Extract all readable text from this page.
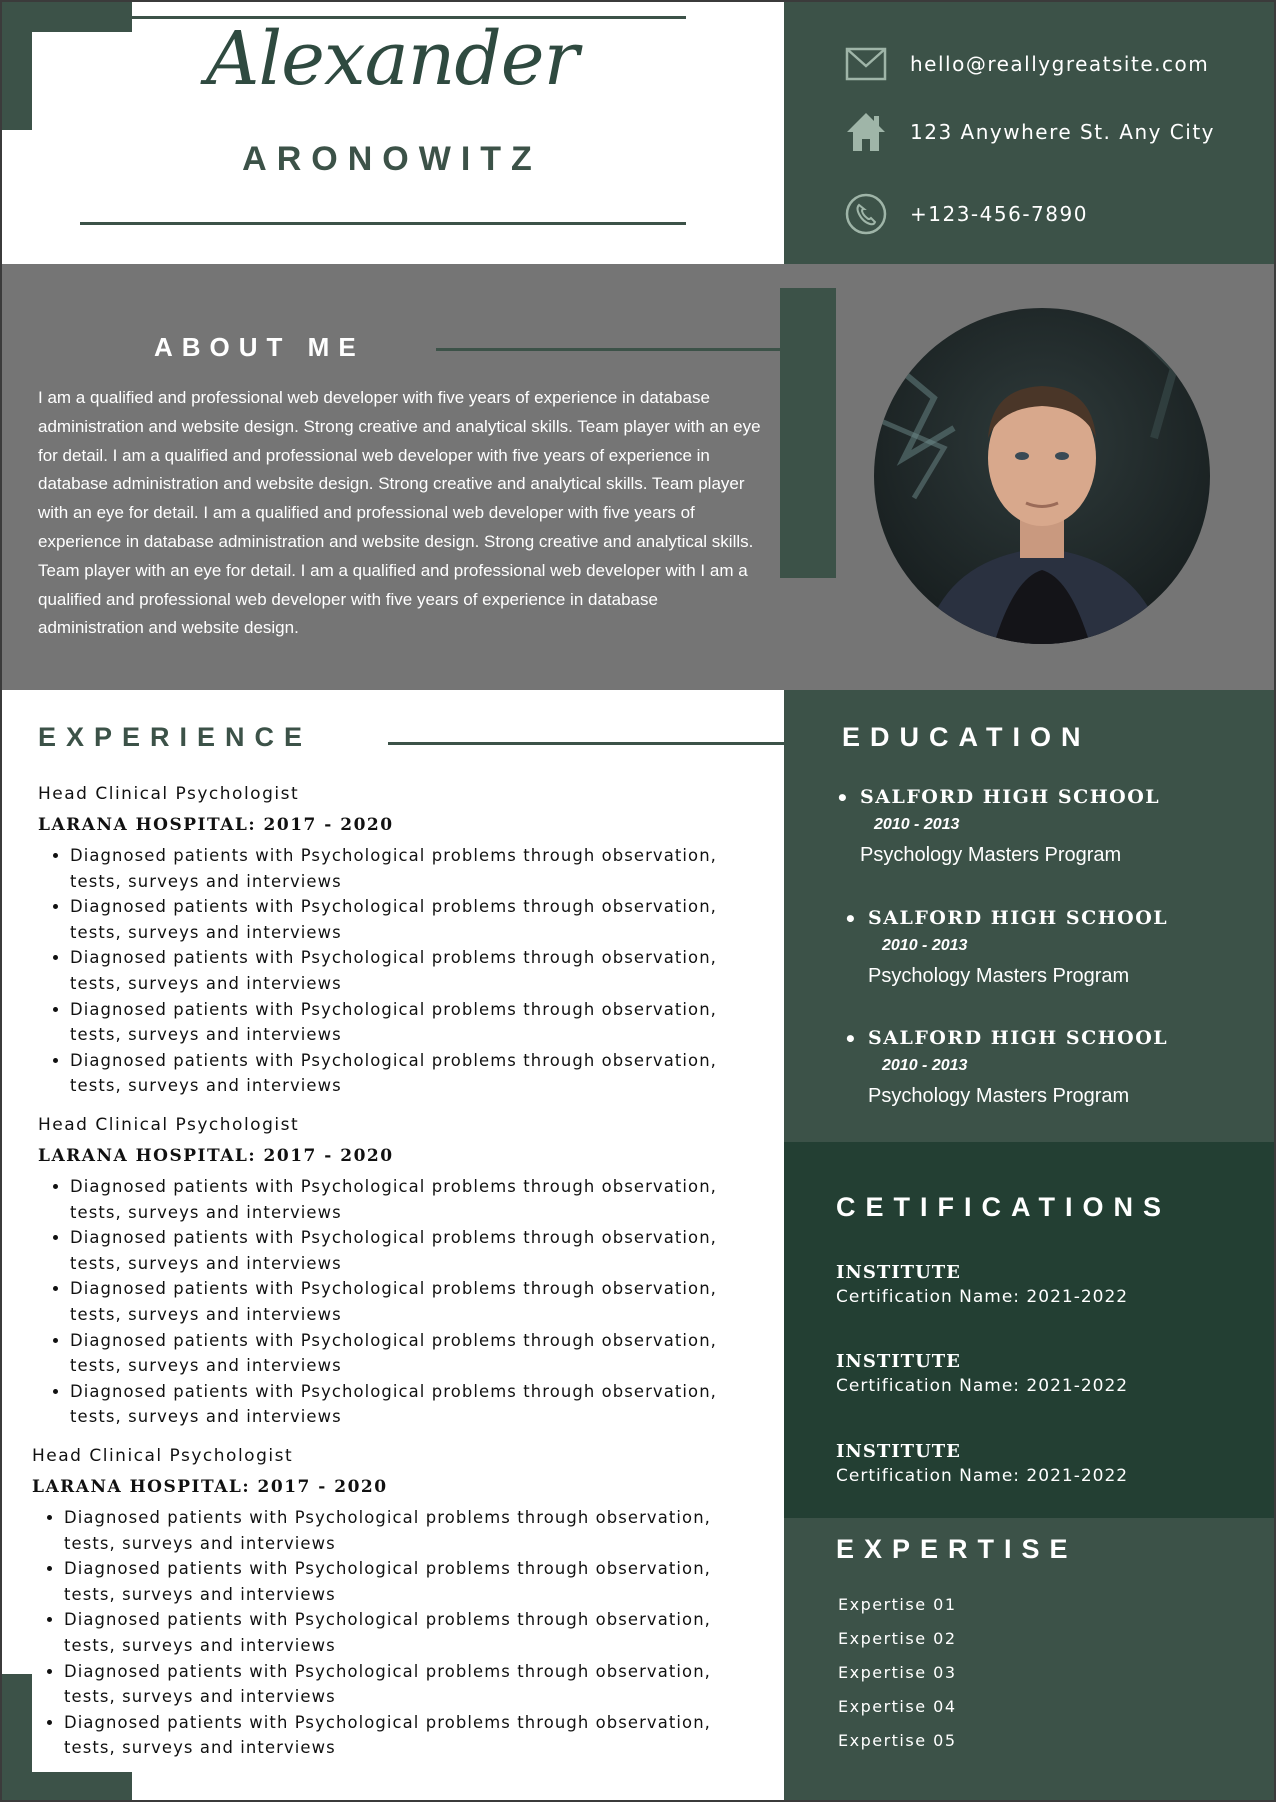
Alexander
ARONOWITZ
hello@reallygreatsite.com
123 Anywhere St. Any City
+123-456-7890
ABOUT ME
I am a qualified and professional web developer with five years of experience in database administration and website design. Strong creative and analytical skills. Team player with an eye for detail. I am a qualified and professional web developer with five years of experience in database administration and website design. Strong creative and analytical skills. Team player with an eye for detail. I am a qualified and professional web developer with five years of experience in database administration and website design. Strong creative and analytical skills. Team player with an eye for detail. I am a qualified and professional web developer with I am a qualified and professional web developer with five years of experience in database administration and website design.
EXPERIENCE
Head Clinical Psychologist
LARANA HOSPITAL: 2017 - 2020
• Diagnosed patients with Psychological problems through observation, tests, surveys and interviews
• Diagnosed patients with Psychological problems through observation, tests, surveys and interviews
• Diagnosed patients with Psychological problems through observation, tests, surveys and interviews
• Diagnosed patients with Psychological problems through observation, tests, surveys and interviews
• Diagnosed patients with Psychological problems through observation, tests, surveys and interviews
Head Clinical Psychologist
LARANA HOSPITAL: 2017 - 2020
• Diagnosed patients with Psychological problems through observation, tests, surveys and interviews
• Diagnosed patients with Psychological problems through observation, tests, surveys and interviews
• Diagnosed patients with Psychological problems through observation, tests, surveys and interviews
• Diagnosed patients with Psychological problems through observation, tests, surveys and interviews
• Diagnosed patients with Psychological problems through observation, tests, surveys and interviews
Head Clinical Psychologist
LARANA HOSPITAL: 2017 - 2020
• Diagnosed patients with Psychological problems through observation, tests, surveys and interviews
• Diagnosed patients with Psychological problems through observation, tests, surveys and interviews
• Diagnosed patients with Psychological problems through observation, tests, surveys and interviews
• Diagnosed patients with Psychological problems through observation, tests, surveys and interviews
• Diagnosed patients with Psychological problems through observation, tests, surveys and interviews
EDUCATION
• SALFORD HIGH SCHOOL
2010 - 2013
Psychology Masters Program
• SALFORD HIGH SCHOOL
2010 - 2013
Psychology Masters Program
• SALFORD HIGH SCHOOL
2010 - 2013
Psychology Masters Program
CETIFICATIONS
INSTITUTE
Certification Name: 2021-2022
INSTITUTE
Certification Name: 2021-2022
INSTITUTE
Certification Name: 2021-2022
EXPERTISE
Expertise 01
Expertise 02
Expertise 03
Expertise 04
Expertise 05
